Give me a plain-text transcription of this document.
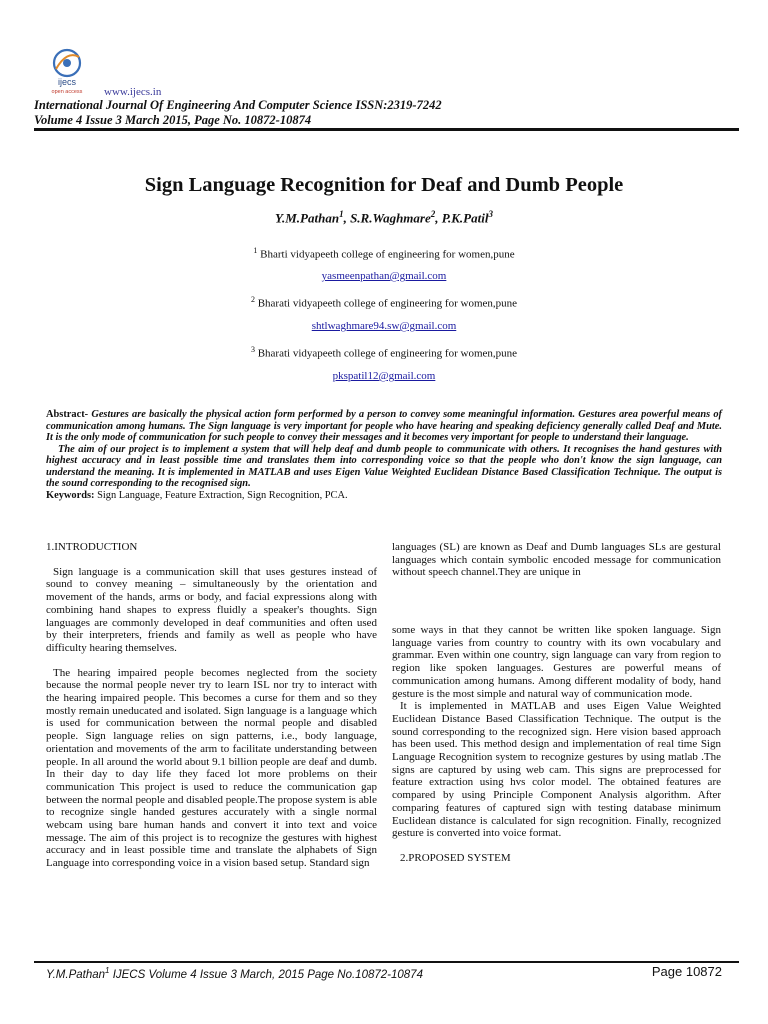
ijecs
open access www.ijecs.in
International Journal Of Engineering And Computer Science ISSN:2319-7242
Volume 4 Issue 3 March 2015, Page No. 10872-10874
Sign Language Recognition for Deaf and Dumb People
Y.M.Pathan$^1$, S.R.Waghmare$^2$, P.K.Patil$^3$
$^1$ Bharti vidyapeeth college of engineering for women,pune
yasmeenpathan@gmail.com
$^2$ Bharati vidyapeeth college of engineering for women,pune
shtlwaghmare94.sw@gmail.com
$^3$ Bharati vidyapeeth college of engineering for women,pune
pkspatil12@gmail.com

Abstract- Gestures are basically the physical action form performed by a person to convey some meaningful information. Gestures area powerful means of communication among humans. The Sign language is very important for people who have hearing and speaking deficiency generally called Deaf and Mute. It is the only mode of communication for such people to convey their messages and it becomes very important for people to understand their language.

The aim of our project is to implement a system that will help deaf and dumb people to communicate with others. It recognises the hand gestures with highest accuracy and in least possible time and translates them into corresponding voice so that the people who don't know the sign language, can understand the meaning. It is implemented in MATLAB and uses Eigen Value Weighted Euclidean Distance Based Classification Technique. The output is the sound corresponding to the recognised sign.

Keywords: Sign Language, Feature Extraction, Sign Recognition, PCA.

1.INTRODUCTION

Sign language is a communication skill that uses gestures instead of sound to convey meaning – simultaneously by the orientation and movement of the hands, arms or body, and facial expressions along with combining hand shapes to express fluidly a speaker's thoughts. Sign languages are commonly developed in deaf communities and often used by their interpreters, friends and family as well as people who have difficulty hearing themselves.

The hearing impaired people becomes neglected from the society because the normal people never try to learn ISL nor try to interact with the hearing impaired people. This becomes a curse for them and so they mostly remain uneducated and isolated. Sign language is a language which is used for communication between the normal people and disabled people. Sign language relies on sign patterns, i.e., body language, orientation and movements of the arm to facilitate understanding between people. In all around the world about 9.1 billion people are deaf and dumb. In their day to day life they faced lot more problems on their communication This project is used to reduce the communication gap between the normal people and disabled people.The propose system is able to recognize single handed gestures accurately with a single normal webcam using bare human hands and convert it into text and voice message. The aim of this project is to recognize the gestures with highest accuracy and in least possible time and translate the alphabets of Sign Language into corresponding voice in a vision based setup. Standard sign

languages (SL) are known as Deaf and Dumb languages SLs are gestural languages which contain symbolic encoded message for communication without speech channel.They are unique in

some ways in that they cannot be written like spoken language. Sign language varies from country to country with its own vocabulary and grammar. Even within one country, sign language can vary from region to region like spoken languages. Gestures are powerful means of communication among humans. Among different modality of body, hand gesture is the most simple and natural way of communication mode.

It is implemented in MATLAB and uses Eigen Value Weighted Euclidean Distance Based Classification Technique. The output is the sound corresponding to the recognized sign. Here vision based approach has been used. This method design and implementation of real time Sign Language Recognition system to recognize gestures by using matlab .The signs are captured by using web cam. This signs are preprocessed for feature extraction using hvs color model. The obtained features are compared by using Principle Component Analysis algorithm. After comparing features of captured sign with testing database minimum Euclidean distance is calculated for sign recognition. Finally, recognized gesture is converted into voice format.

2.PROPOSED SYSTEM

Y.M.Pathan$^1$ IJECS Volume 4 Issue 3 March, 2015 Page No.10872-10874	Page 10872
